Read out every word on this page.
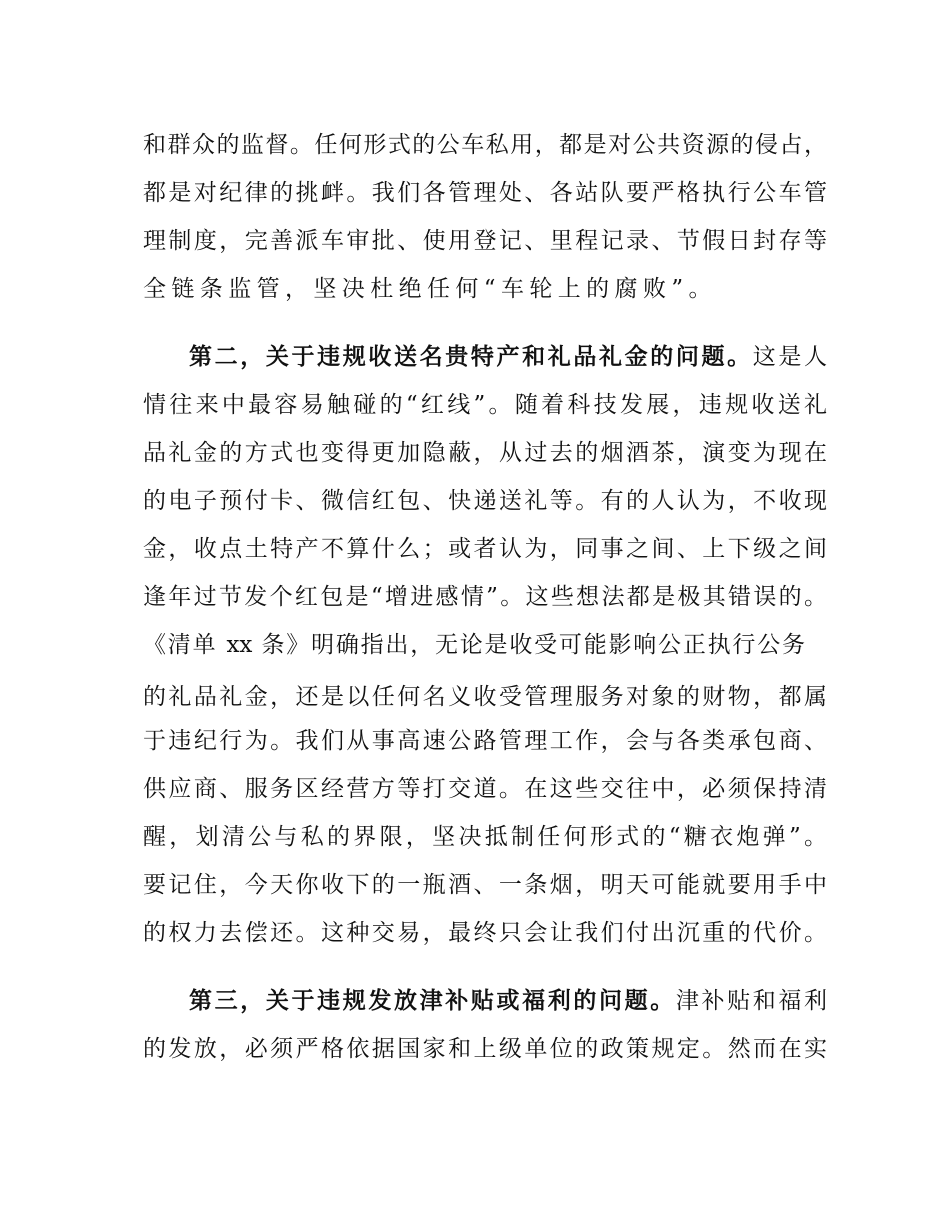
和群众的监督。任何形式的公车私用，都是对公共资源的侵占，
都是对纪律的挑衅。我们各管理处、各站队要严格执行公车管
理制度，完善派车审批、使用登记、里程记录、节假日封存等
全链条监管，坚决杜绝任何“车轮上的腐败”。
第二，关于违规收送名贵特产和礼品礼金的问题。这是人
情往来中最容易触碰的“红线”。随着科技发展，违规收送礼
品礼金的方式也变得更加隐蔽，从过去的烟酒茶，演变为现在
的电子预付卡、微信红包、快递送礼等。有的人认为，不收现
金，收点土特产不算什么；或者认为，同事之间、上下级之间
逢年过节发个红包是“增进感情”。这些想法都是极其错误的。
《清单 xx 条》明确指出，无论是收受可能影响公正执行公务
的礼品礼金，还是以任何名义收受管理服务对象的财物，都属
于违纪行为。我们从事高速公路管理工作，会与各类承包商、
供应商、服务区经营方等打交道。在这些交往中，必须保持清
醒，划清公与私的界限，坚决抵制任何形式的“糖衣炮弹”。
要记住，今天你收下的一瓶酒、一条烟，明天可能就要用手中
的权力去偿还。这种交易，最终只会让我们付出沉重的代价。
第三，关于违规发放津补贴或福利的问题。津补贴和福利
的发放，必须严格依据国家和上级单位的政策规定。然而在实
